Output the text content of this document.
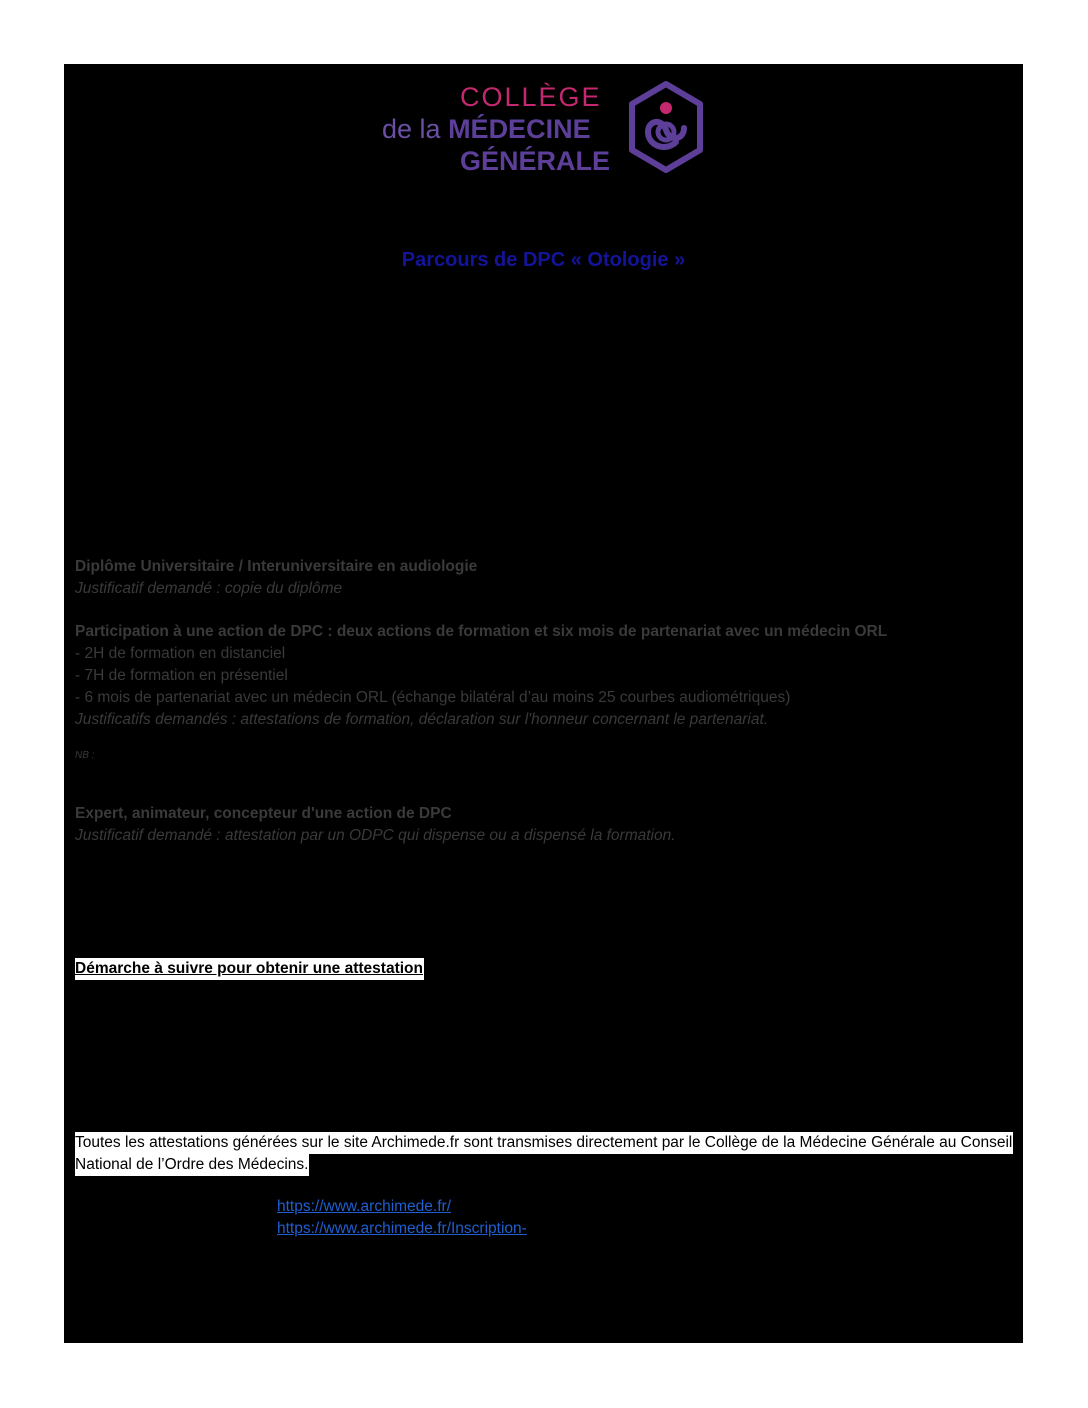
COLLÈGE
de la MÉDECINE
GÉNÉRALE
Parcours de DPC « Otologie »
Diplôme Universitaire / Interuniversitaire en audiologie
Justificatif demandé : copie du diplôme
Participation à une action de DPC : deux actions de formation et six mois de partenariat avec un médecin ORL
- 2H de formation en distanciel
- 7H de formation en présentiel
- 6 mois de partenariat avec un médecin ORL (échange bilatéral d’au moins 25 courbes audiométriques)
Justificatifs demandés : attestations de formation, déclaration sur l'honneur concernant le partenariat.
NB :
Expert, animateur, concepteur d'une action de DPC
Justificatif demandé : attestation par un ODPC qui dispense ou a dispensé la formation.
Démarche à suivre pour obtenir une attestation
Toutes les attestations générées sur le site Archimede.fr sont transmises directement par le Collège de la Médecine Générale au Conseil
National de l’Ordre des Médecins.
https://www.archimede.fr/
https://www.archimede.fr/Inscription-
